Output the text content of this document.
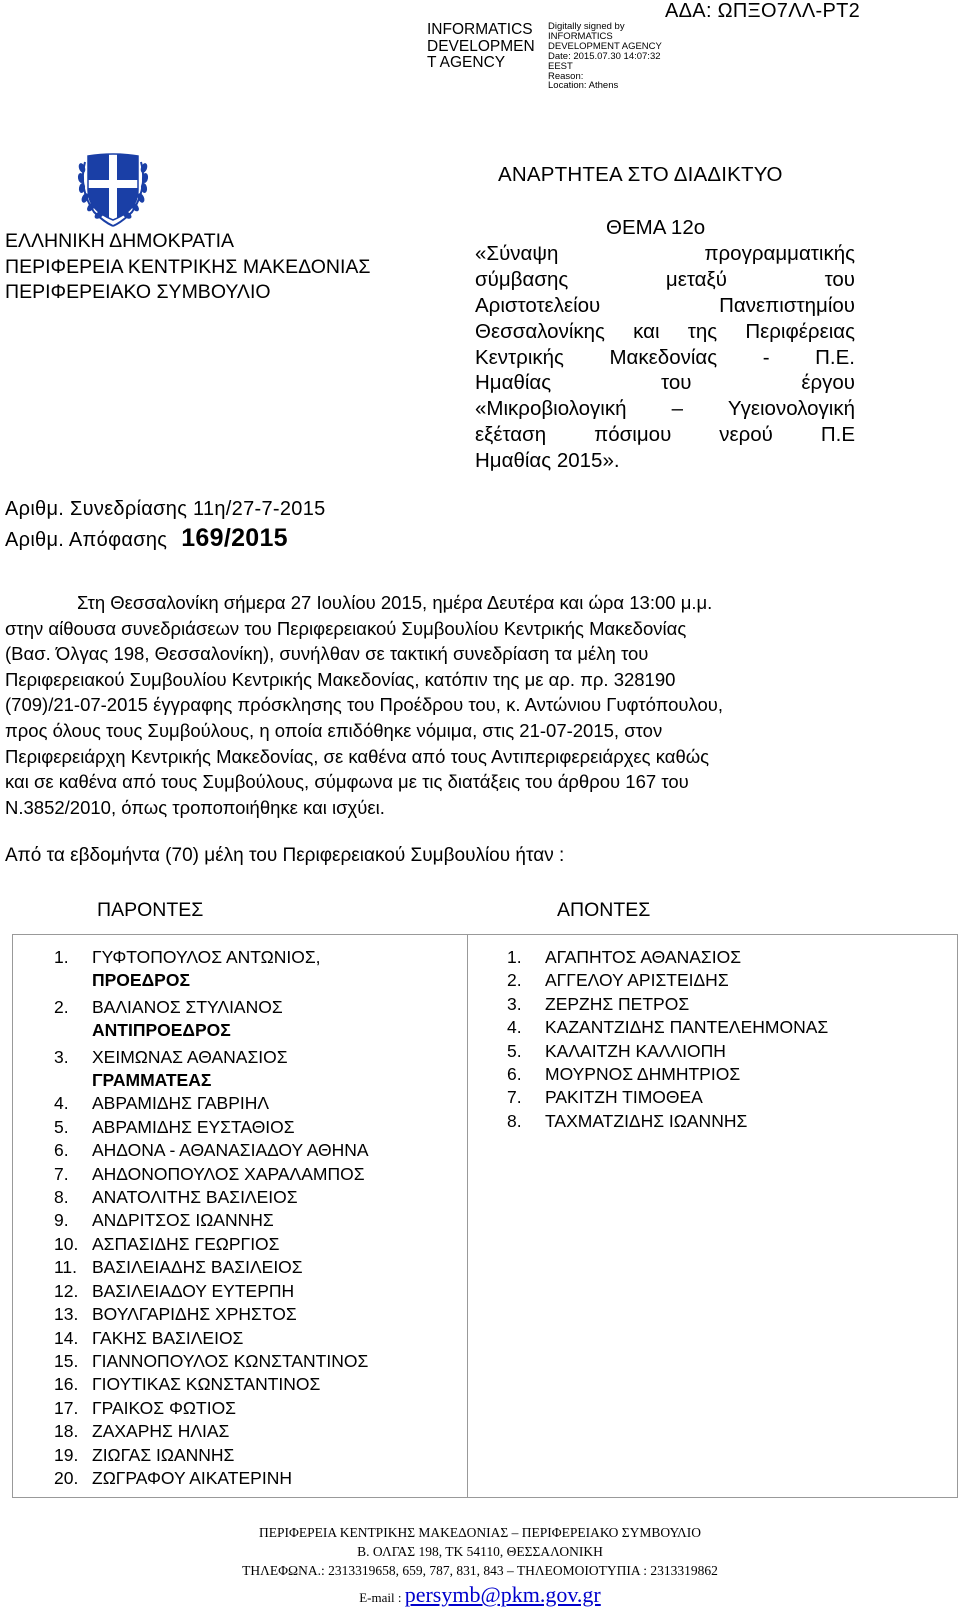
INFORMATICS
DEVELOPMEN
T AGENCY
Digitally signed by
INFORMATICS
DEVELOPMENT AGENCY
Date: 2015.07.30 14:07:32
EEST
Reason:
Location: Athens
ΑΔΑ: ΩΠΞΟ7ΛΛ-ΡΤ2
ΕΛΛΗΝΙΚΗ ΔΗΜΟΚΡΑΤΙΑ
ΠΕΡΙΦΕΡΕΙΑ ΚΕΝΤΡΙΚΗΣ ΜΑΚΕΔΟΝΙΑΣ
ΠΕΡΙΦΕΡΕΙΑΚΟ ΣΥΜΒΟΥΛΙΟ
ΑΝΑΡΤΗΤΕΑ ΣΤΟ ΔΙΑΔΙΚΤΥΟ
ΘΕΜΑ 12ο
«Σύναψη προγραμματικής
σύμβασης μεταξύ του
Αριστοτελείου Πανεπιστημίου
Θεσσαλονίκης και της Περιφέρειας
Κεντρικής Μακεδονίας - Π.Ε.
Ημαθίας του έργου
«Μικροβιολογική – Υγειονολογική
εξέταση πόσιμου νερού Π.Ε
Ημαθίας 2015».
Αριθμ. Συνεδρίασης 11η/27-7-2015
Αριθμ. Απόφασης 169/2015
Στη Θεσσαλονίκη σήμερα 27 Ιουλίου 2015, ημέρα Δευτέρα και ώρα 13:00 μ.μ.
στην αίθουσα συνεδριάσεων του Περιφερειακού Συμβουλίου Κεντρικής Μακεδονίας
(Βασ. Όλγας 198, Θεσσαλονίκη), συνήλθαν σε τακτική συνεδρίαση τα μέλη του
Περιφερειακού Συμβουλίου Κεντρικής Μακεδονίας, κατόπιν της με αρ. πρ. 328190
(709)/21-07-2015 έγγραφης πρόσκλησης του Προέδρου του, κ. Αντώνιου Γυφτόπουλου,
προς όλους τους Συμβούλους, η οποία επιδόθηκε νόμιμα, στις 21-07-2015, στον
Περιφερειάρχη Κεντρικής Μακεδονίας, σε καθένα από τους Αντιπεριφερειάρχες καθώς
και σε καθένα από τους Συμβούλους, σύμφωνα με τις διατάξεις του άρθρου 167 του
Ν.3852/2010, όπως τροποποιήθηκε και ισχύει.
Από τα εβδομήντα (70) μέλη του Περιφερειακού Συμβουλίου ήταν :
ΠΑΡΟΝΤΕΣ	ΑΠΟΝΤΕΣ
1.	ΓΥΦΤΟΠΟΥΛΟΣ ΑΝΤΩΝΙΟΣ,
ΠΡΟΕΔΡΟΣ
2.	ΒΑΛΙΑΝΟΣ ΣΤΥΛΙΑΝΟΣ
ΑΝΤΙΠΡΟΕΔΡΟΣ
3.	ΧΕΙΜΩΝΑΣ ΑΘΑΝΑΣΙΟΣ
ΓΡΑΜΜΑΤΕΑΣ
4.	ΑΒΡΑΜΙΔΗΣ ΓΑΒΡΙΗΛ
5.	ΑΒΡΑΜΙΔΗΣ ΕΥΣΤΑΘΙΟΣ
6.	ΑΗΔΟΝΑ - ΑΘΑΝΑΣΙΑΔΟΥ ΑΘΗΝΑ
7.	ΑΗΔΟΝΟΠΟΥΛΟΣ ΧΑΡΑΛΑΜΠΟΣ
8.	ΑΝΑΤΟΛΙΤΗΣ ΒΑΣΙΛΕΙΟΣ
9.	ΑΝΔΡΙΤΣΟΣ ΙΩΑΝΝΗΣ
10. ΑΣΠΑΣΙΔΗΣ ΓΕΩΡΓΙΟΣ
11. ΒΑΣΙΛΕΙΑΔΗΣ ΒΑΣΙΛΕΙΟΣ
12. ΒΑΣΙΛΕΙΑΔΟΥ ΕΥΤΕΡΠΗ
13. ΒΟΥΛΓΑΡΙΔΗΣ ΧΡΗΣΤΟΣ
14. ΓΑΚΗΣ ΒΑΣΙΛΕΙΟΣ
15. ΓΙΑΝΝΟΠΟΥΛΟΣ ΚΩΝΣΤΑΝΤΙΝΟΣ
16. ΓΙΟΥΤΙΚΑΣ ΚΩΝΣΤΑΝΤΙΝΟΣ
17. ΓΡΑΙΚΟΣ ΦΩΤΙΟΣ
18. ΖΑΧΑΡΗΣ ΗΛΙΑΣ
19. ΖΙΩΓΑΣ ΙΩΑΝΝΗΣ
20. ΖΩΓΡΑΦΟΥ ΑΙΚΑΤΕΡΙΝΗ
1.	ΑΓΑΠΗΤΟΣ ΑΘΑΝΑΣΙΟΣ
2.	ΑΓΓΕΛΟΥ ΑΡΙΣΤΕΙΔΗΣ
3.	ΖΕΡΖΗΣ ΠΕΤΡΟΣ
4.	ΚΑΖΑΝΤΖΙΔΗΣ ΠΑΝΤΕΛΕΗΜΟΝΑΣ
5.	ΚΑΛΑΙΤΖΗ ΚΑΛΛΙΟΠΗ
6.	ΜΟΥΡΝΟΣ ΔΗΜΗΤΡΙΟΣ
7.	ΡΑΚΙΤΖΗ ΤΙΜΟΘΕΑ
8.	ΤΑΧΜΑΤΖΙΔΗΣ ΙΩΑΝΝΗΣ
ΠΕΡΙΦΕΡΕΙΑ ΚΕΝΤΡΙΚΗΣ ΜΑΚΕΔΟΝΙΑΣ – ΠΕΡΙΦΕΡΕΙΑΚΟ ΣΥΜΒΟΥΛΙΟ
Β. ΟΛΓΑΣ 198, ΤΚ 54110, ΘΕΣΣΑΛΟΝΙΚΗ
ΤΗΛΕΦΩΝΑ.: 2313319658, 659, 787, 831, 843 – ΤΗΛΕΟΜΟΙΟΤΥΠΙΑ : 2313319862
E-mail : persymb@pkm.gov.gr
